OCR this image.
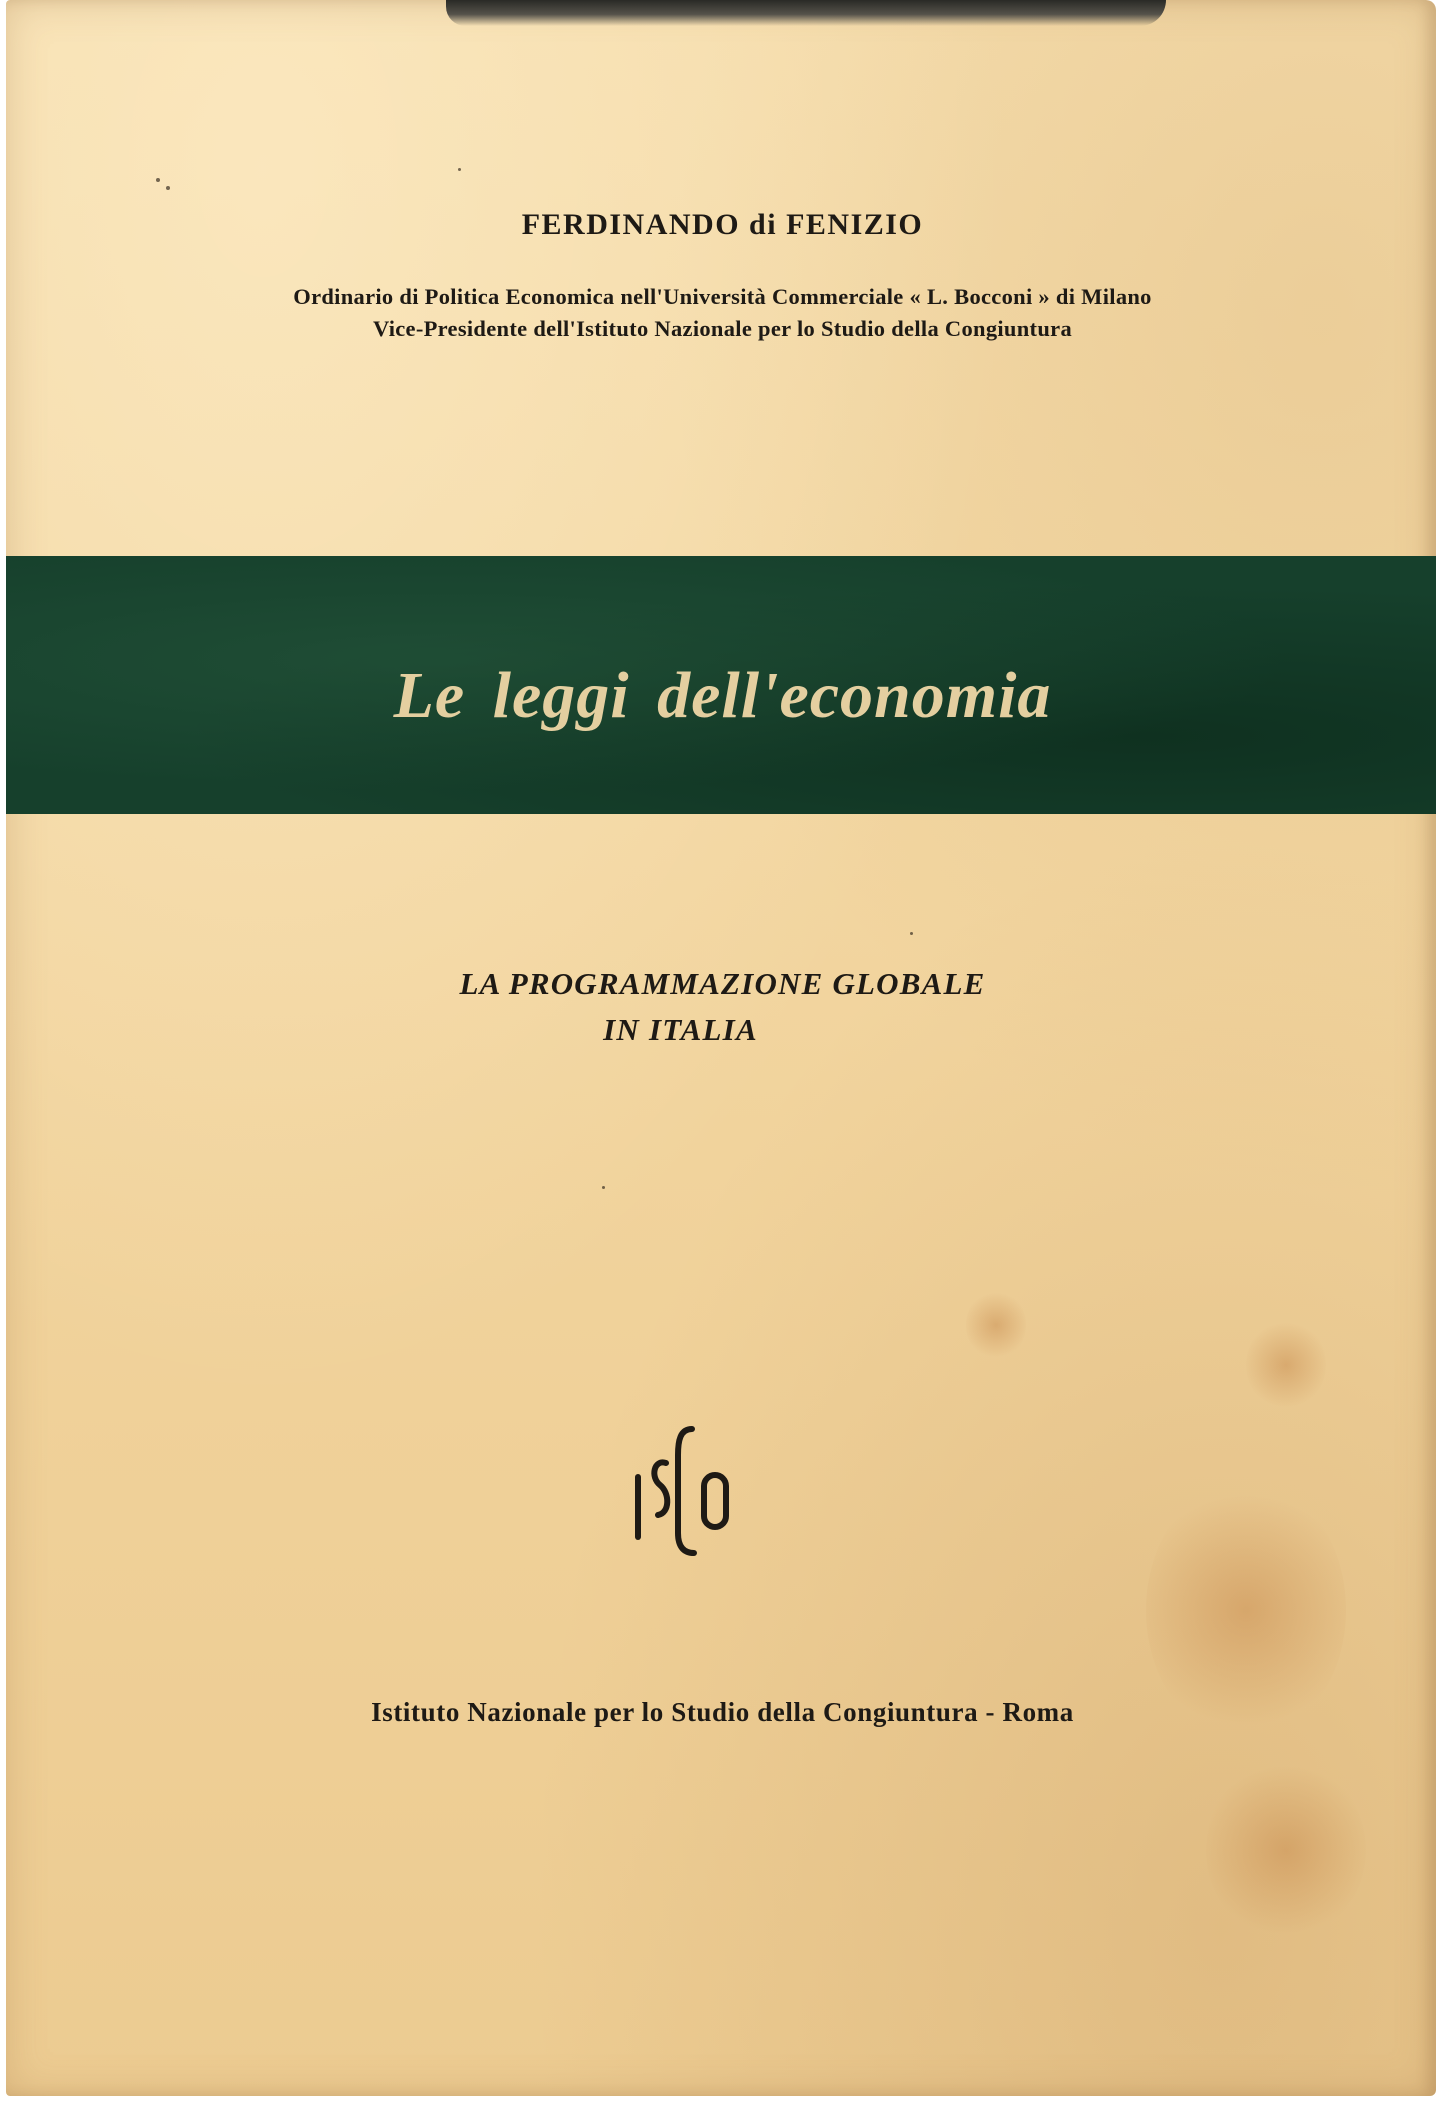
FERDINANDO di FENIZIO
Ordinario di Politica Economica nell'Università Commerciale « L. Bocconi » di Milano
Vice-Presidente dell'Istituto Nazionale per lo Studio della Congiuntura
Le leggi dell'economia
LA PROGRAMMAZIONE GLOBALE
IN ITALIA
Istituto Nazionale per lo Studio della Congiuntura - Roma
